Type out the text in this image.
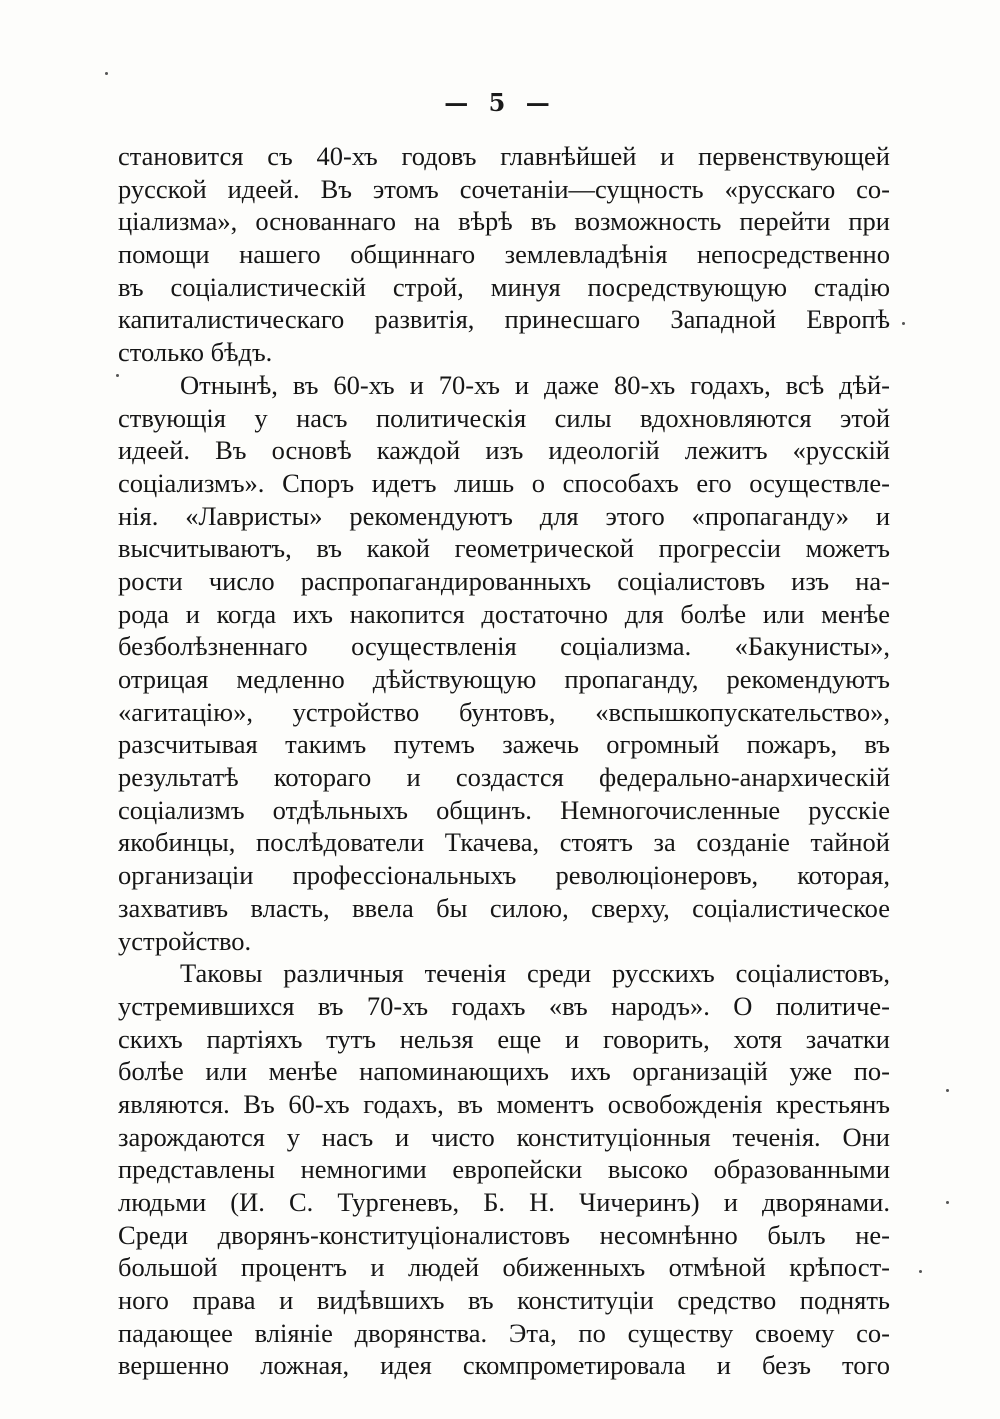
— 5 —
становится съ 40-хъ годовъ главнѣйшей и первенствующей
русской идеей. Въ этомъ сочетаніи—сущность «русскаго со-
ціализма», основаннаго на вѣрѣ въ возможность перейти при
помощи нашего общиннаго землевладѣнія непосредственно
въ соціалистическій строй, минуя посредствующую стадію
капиталистическаго развитія, принесшаго Западной Европѣ
столько бѣдъ.
Отнынѣ, въ 60-хъ и 70-хъ и даже 80-хъ годахъ, всѣ дѣй-
ствующія у насъ политическія силы вдохновляются этой
идеей. Въ основѣ каждой изъ идеологій лежитъ «русскій
соціализмъ». Споръ идетъ лишь о способахъ его осуществле-
нія. «Лавристы» рекомендуютъ для этого «пропаганду» и
высчитываютъ, въ какой геометрической прогрессіи можетъ
рости число распропагандированныхъ соціалистовъ изъ на-
рода и когда ихъ накопится достаточно для болѣе или менѣе
безболѣзненнаго осуществленія соціализма. «Бакунисты»,
отрицая медленно дѣйствующую пропаганду, рекомендуютъ
«агитацію», устройство бунтовъ, «вспышкопускательство»,
разсчитывая такимъ путемъ зажечь огромный пожаръ, въ
результатѣ котораго и создастся федерально-анархическій
соціализмъ отдѣльныхъ общинъ. Немногочисленные русскіе
якобинцы, послѣдователи Ткачева, стоятъ за созданіе тайной
организаціи профессіональныхъ революціонеровъ, которая,
захвативъ власть, ввела бы силою, сверху, соціалистическое
устройство.
Таковы различныя теченія среди русскихъ соціалистовъ,
устремившихся въ 70-хъ годахъ «въ народъ». О политиче-
скихъ партіяхъ тутъ нельзя еще и говорить, хотя зачатки
болѣе или менѣе напоминающихъ ихъ организацій уже по-
являются. Въ 60-хъ годахъ, въ моментъ освобожденія крестьянъ
зарождаются у насъ и чисто конституціонныя теченія. Они
представлены немногими европейски высоко образованными
людьми (И. С. Тургеневъ, Б. Н. Чичеринъ) и дворянами.
Среди дворянъ-конституціоналистовъ несомнѣнно былъ не-
большой процентъ и людей обиженныхъ отмѣной крѣпост-
ного права и видѣвшихъ въ конституціи средство поднять
падающее вліяніе дворянства. Эта, по существу своему со-
вершенно ложная, идея скомпрометировала и безъ того
